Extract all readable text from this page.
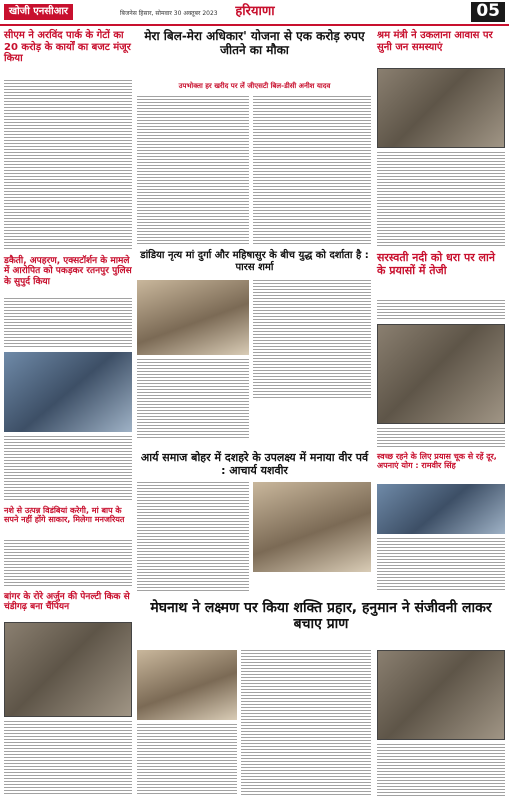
खोजी एनसीआर	बिजनेस हिसार, सोमवार 30 अक्तूबर 2023	हरियाणा	05
सीएम ने अरविंद पार्क के गेटों का 20 करोड़ के कार्यों का बजट मंजूर किया
मेरा बिल-मेरा अधिकार' योजना से एक करोड़ रुपए जीतने का मौका
उपभोक्ता हर खरीद पर लें जीएसटी बिल-डीसी अनीश यादव
श्रम मंत्री ने उकलाना आवास पर सुनी जन समस्याएं
डकैती, अपहरण, एक्सटॉर्शन के मामले में आरोपित को पकड़कर रतनपुर पुलिस के सुपुर्द किया
डांडिया नृत्य मां दुर्गा और महिषासुर के बीच युद्ध को दर्शाता है : पारस शर्मा
सरस्वती नदी को धरा पर लाने के प्रयासों में तेजी
नशे से उत्पन्न विडंबियां करेगी, मां बाप के सपने नहीं होंगे साकार, मिलेगा मनजरियत
आर्य समाज बोहर में दशहरे के उपलक्ष्य में मनाया वीर पर्व : आचार्य यशवीर
स्वच्छ रहने के लिए प्रयास चूक से रहें दूर, अपनाएं योग : रामवीर सिंह
बांगर के रोरे अर्जुन की पेनल्टी किक से चंडीगढ़ बना चैंपियन	मेघनाथ ने लक्ष्मण पर किया शक्ति प्रहार, हनुमान ने संजीवनी लाकर बचाए प्राण
